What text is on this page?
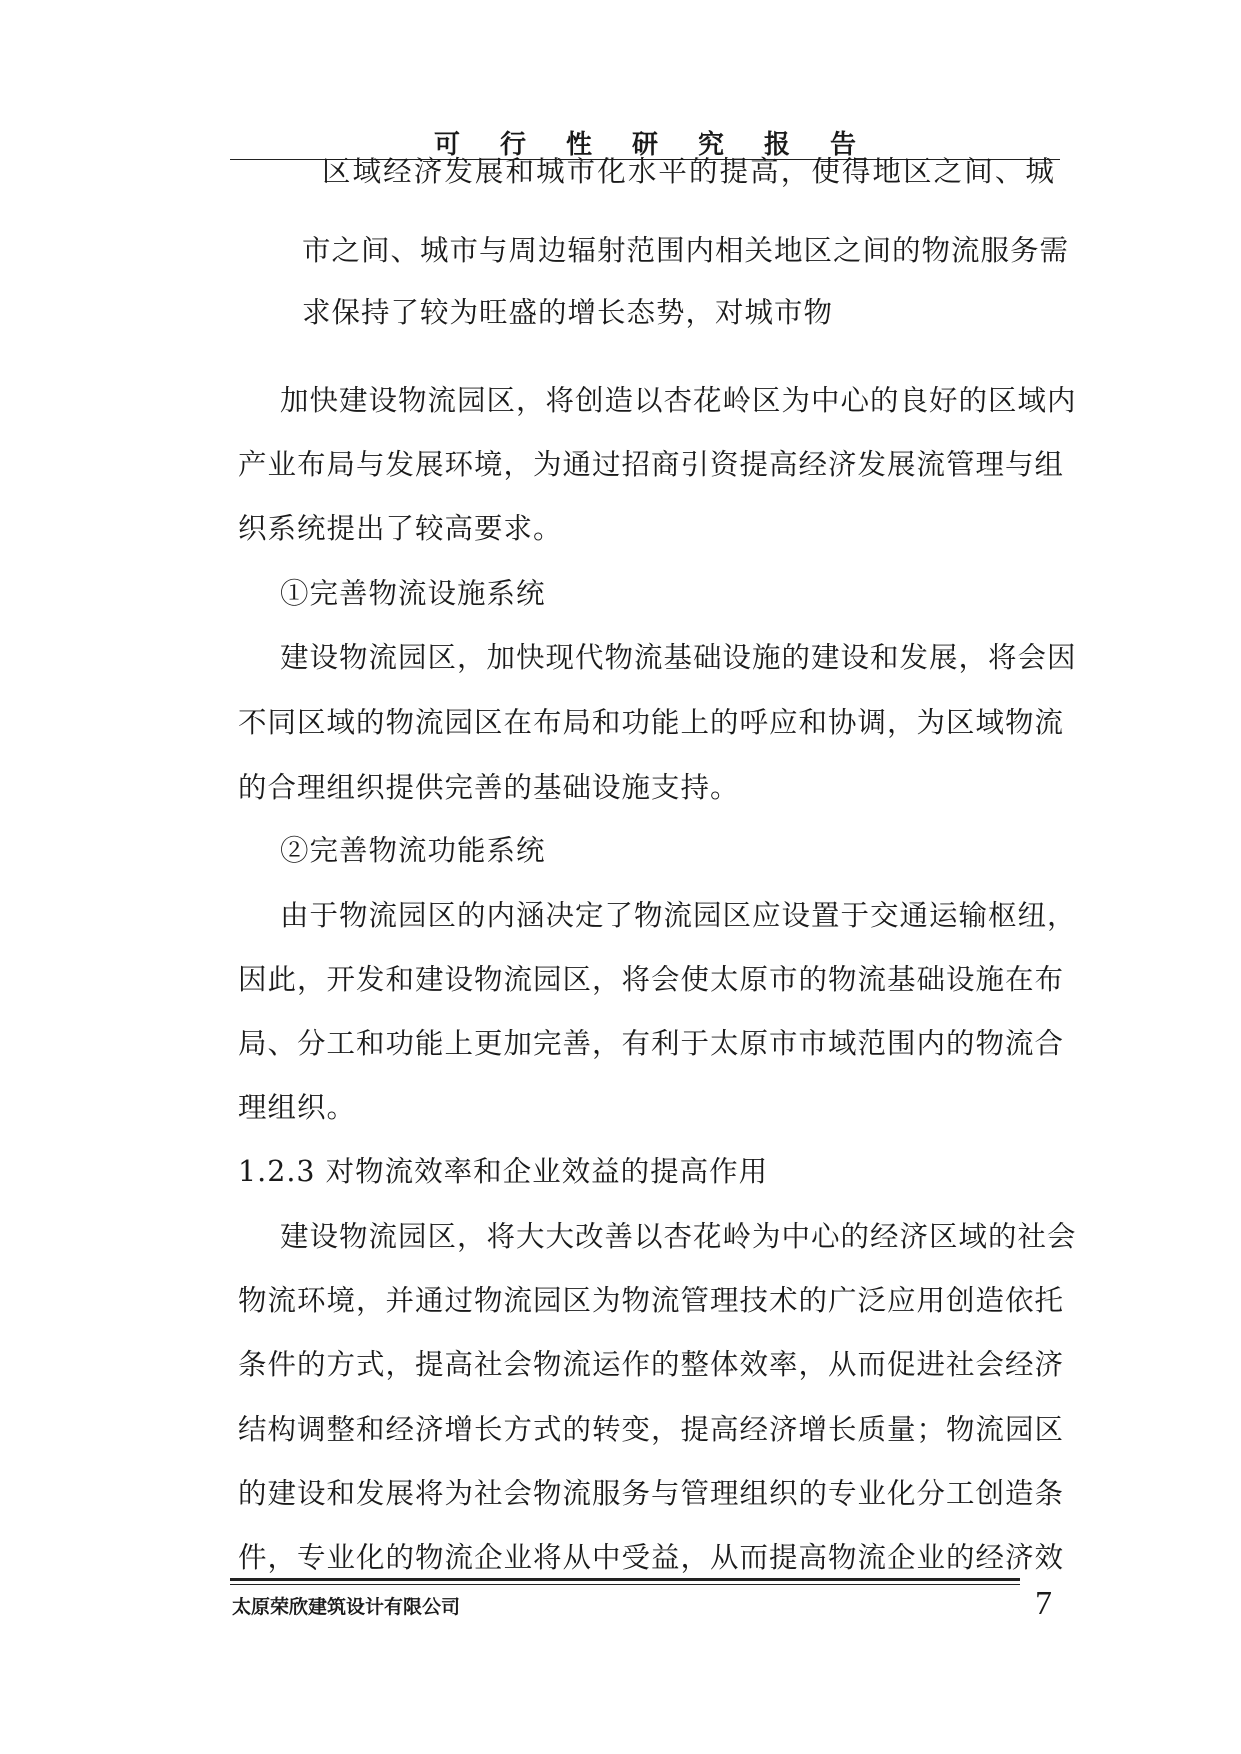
可行性研究报告
区域经济发展和城市化水平的提高，使得地区之间、城
市之间、城市与周边辐射范围内相关地区之间的物流服务需
求保持了较为旺盛的增长态势，对城市物
加快建设物流园区，将创造以杏花岭区为中心的良好的区域内
产业布局与发展环境，为通过招商引资提高经济发展流管理与组
织系统提出了较高要求。
①完善物流设施系统
建设物流园区，加快现代物流基础设施的建设和发展，将会因
不同区域的物流园区在布局和功能上的呼应和协调，为区域物流
的合理组织提供完善的基础设施支持。
②完善物流功能系统
由于物流园区的内涵决定了物流园区应设置于交通运输枢纽，
因此，开发和建设物流园区，将会使太原市的物流基础设施在布
局、分工和功能上更加完善，有利于太原市市域范围内的物流合
理组织。
1.2.3 对物流效率和企业效益的提高作用
建设物流园区，将大大改善以杏花岭为中心的经济区域的社会
物流环境，并通过物流园区为物流管理技术的广泛应用创造依托
条件的方式，提高社会物流运作的整体效率，从而促进社会经济
结构调整和经济增长方式的转变，提高经济增长质量；物流园区
的建设和发展将为社会物流服务与管理组织的专业化分工创造条
件，专业化的物流企业将从中受益，从而提高物流企业的经济效
太原荣欣建筑设计有限公司	7
